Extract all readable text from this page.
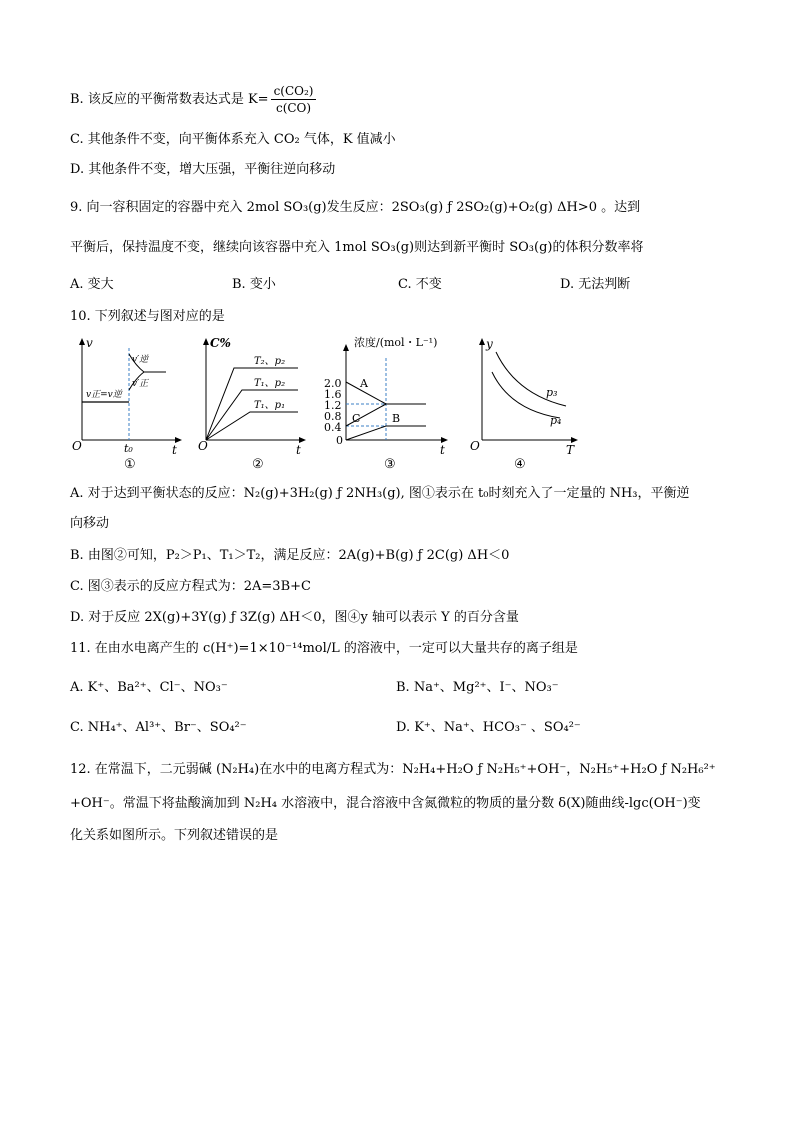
B. 该反应的平衡常数表达式是 $K= \frac{\text{c(CO₂)}}{c(CO)}$
C. 其他条件不变，向平衡体系充入 CO₂ 气体，K 值减小
D. 其他条件不变，增大压强，平衡往逆向移动
9. 向一容积固定的容器中充入 2mol SO₃(g)发生反应：2SO₃(g) ƒ 2SO₂(g)+O₂(g) ΔH>0 。达到
平衡后，保持温度不变，继续向该容器中充入 1mol SO₃(g)则达到新平衡时 SO₃(g)的体积分数率将
A. 变大	B. 变小	C. 不变	D. 无法判断
10. 下列叙述与图对应的是
v
O	t
t₀
v正=v逆
v′逆
v′正
①
C%
O	t
T₂、p₂
T₁、p₂
T₁、p₁
②
浓度/(mol・L⁻¹)
0
t
2.0
1.6
1.2
0.8
0.4
A
B
C
③
y
O	T
p₃
p₄
④
A. 对于达到平衡状态的反应：N₂(g)+3H₂(g) ƒ 2NH₃(g), 图①表示在 t₀时刻充入了一定量的 NH₃，平衡逆
向移动
B. 由图②可知，P₂＞P₁、T₁＞T₂，满足反应：2A(g)+B(g) ƒ 2C(g) ΔH＜0
C. 图③表示的反应方程式为：2A=3B+C
D. 对于反应 2X(g)+3Y(g) ƒ 3Z(g) ΔH＜0，图④y 轴可以表示 Y 的百分含量
11. 在由水电离产生的 c(H⁺)=1×10⁻¹⁴mol/L 的溶液中，一定可以大量共存的离子组是
A. K⁺、Ba²⁺、Cl⁻、NO₃⁻	B. Na⁺、Mg²⁺、I⁻、NO₃⁻
C. NH₄⁺、Al³⁺、Br⁻、SO₄²⁻	D. K⁺、Na⁺、HCO₃⁻ 、SO₄²⁻
12. 在常温下，二元弱碱 (N₂H₄)在水中的电离方程式为：N₂H₄+H₂O ƒ N₂H₅⁺+OH⁻，N₂H₅⁺+H₂O ƒ N₂H₆²⁺
+OH⁻。常温下将盐酸滴加到 N₂H₄ 水溶液中，混合溶液中含氮微粒的物质的量分数 δ(X)随曲线-lgc(OH⁻)变
化关系如图所示。下列叙述错误的是
